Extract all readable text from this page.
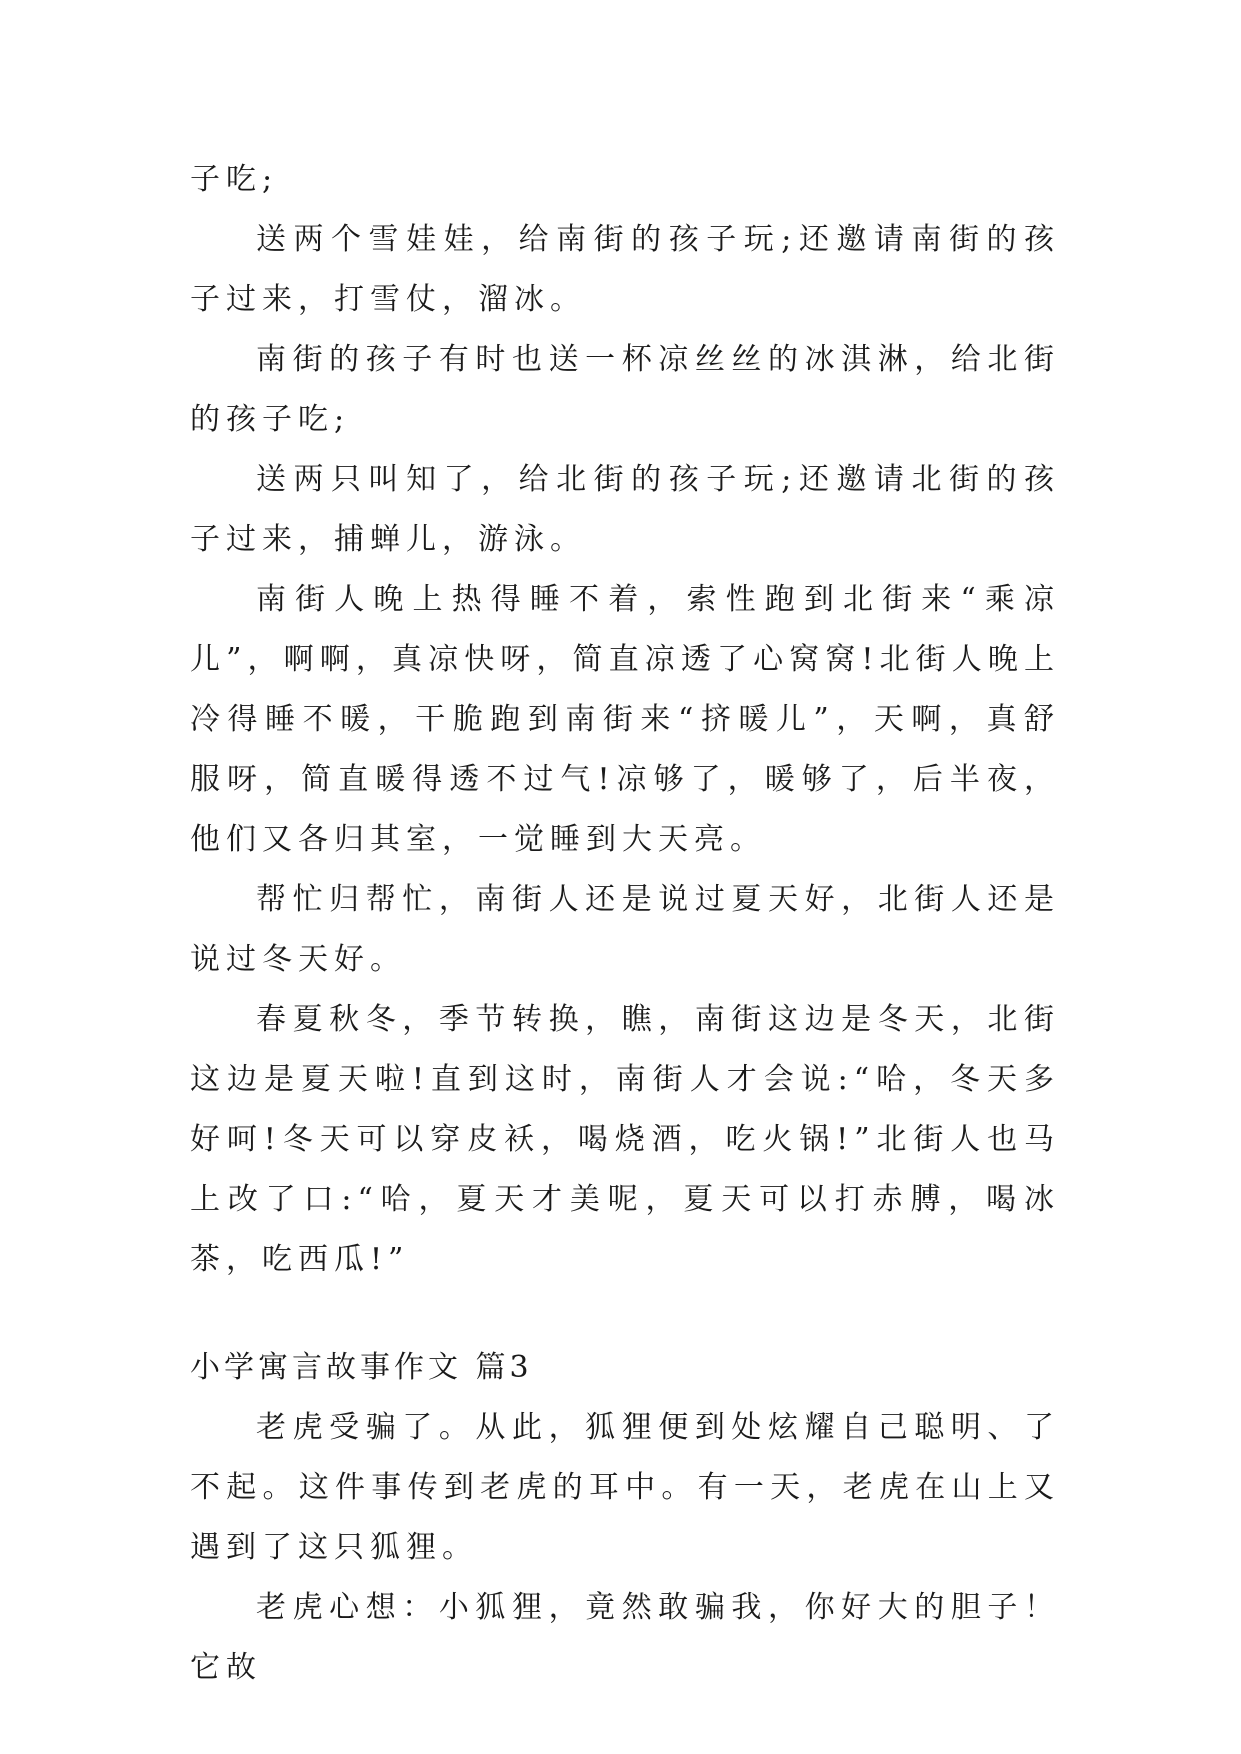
子吃;

送两个雪娃娃，给南街的孩子玩;还邀请南街的孩子过来，打雪仗，溜冰。

南街的孩子有时也送一杯凉丝丝的冰淇淋，给北街的孩子吃;

送两只叫知了，给北街的孩子玩;还邀请北街的孩子过来，捕蝉儿，游泳。

南街人晚上热得睡不着，索性跑到北街来“乘凉儿”，啊啊，真凉快呀，简直凉透了心窝窝!北街人晚上冷得睡不暖，干脆跑到南街来“挤暖儿”，天啊，真舒服呀，简直暖得透不过气!凉够了，暖够了，后半夜，他们又各归其室，一觉睡到大天亮。

帮忙归帮忙，南街人还是说过夏天好，北街人还是说过冬天好。

春夏秋冬，季节转换，瞧，南街这边是冬天，北街这边是夏天啦!直到这时，南街人才会说:“哈，冬天多好呵!冬天可以穿皮袄，喝烧酒，吃火锅!”北街人也马上改了口:“哈，夏天才美呢，夏天可以打赤膊，喝冰茶，吃西瓜!”

小学寓言故事作文 篇3

老虎受骗了。从此，狐狸便到处炫耀自己聪明、了不起。这件事传到老虎的耳中。有一天，老虎在山上又遇到了这只狐狸。

老虎心想：小狐狸，竟然敢骗我，你好大的胆子！它故
